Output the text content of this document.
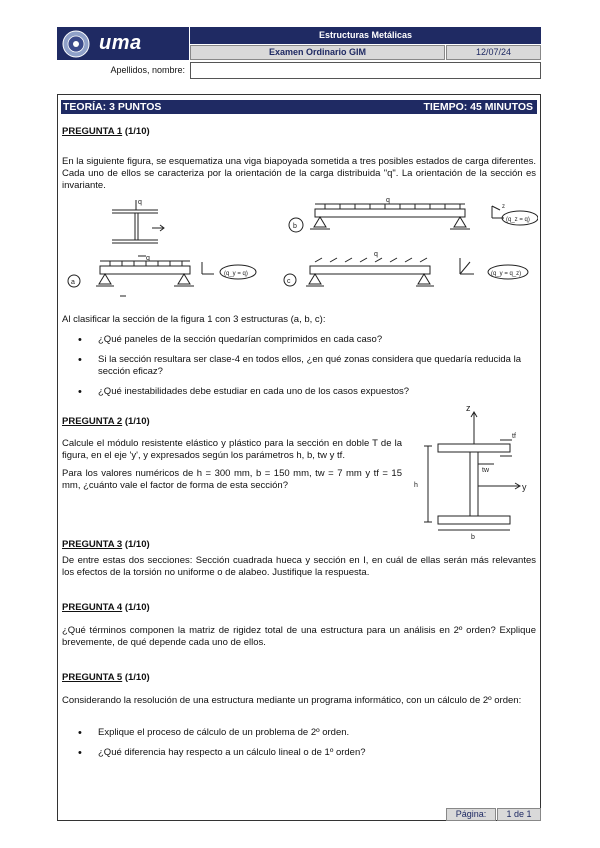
uma	Estructuras Metálicas
Examen Ordinario GIM	12/07/24
Apellidos, nombre:
TEORÍA: 3 PUNTOS	TIEMPO: 45 MINUTOS
PREGUNTA 1 (1/10)
En la siguiente figura, se esquematiza una viga biapoyada sometida a tres posibles estados de carga diferentes. Cada uno de ellos se caracteriza por la orientación de la carga distribuida "q". La orientación de la sección es invariante.
q	q
q
q
b
a	c
(q_z = q)
(q_y = q)	(q_y = q_z)
z
Al clasificar la sección de la figura 1 con 3 estructuras (a, b, c):
• ¿Qué paneles de la sección quedarían comprimidos en cada caso?
• Si la sección resultara ser clase-4 en todos ellos, ¿en qué zonas considera que quedaría reducida la sección eficaz?
• ¿Qué inestabilidades debe estudiar en cada uno de los casos expuestos?
PREGUNTA 2 (1/10)
Calcule el módulo resistente elástico y plástico para la sección en doble T de la figura, en el eje 'y', y expresados según los parámetros h, b, tw y tf.
Para los valores numéricos de h = 300 mm, b = 150 mm, tw = 7 mm y tf = 15 mm, ¿cuánto vale el factor de forma de esta sección?
z
y
tf
tw
h
b
PREGUNTA 3 (1/10)
De entre estas dos secciones: Sección cuadrada hueca y sección en I, en cuál de ellas serán más relevantes los efectos de la torsión no uniforme o de alabeo. Justifique la respuesta.
PREGUNTA 4 (1/10)
¿Qué términos componen la matriz de rigidez total de una estructura para un análisis en 2º orden? Explique brevemente, de qué depende cada uno de ellos.
PREGUNTA 5 (1/10)
Considerando la resolución de una estructura mediante un programa informático, con un cálculo de 2º orden:
• Explique el proceso de cálculo de un problema de 2º orden.
• ¿Qué diferencia hay respecto a un cálculo lineal o de 1º orden?
Página:	1 de 1
